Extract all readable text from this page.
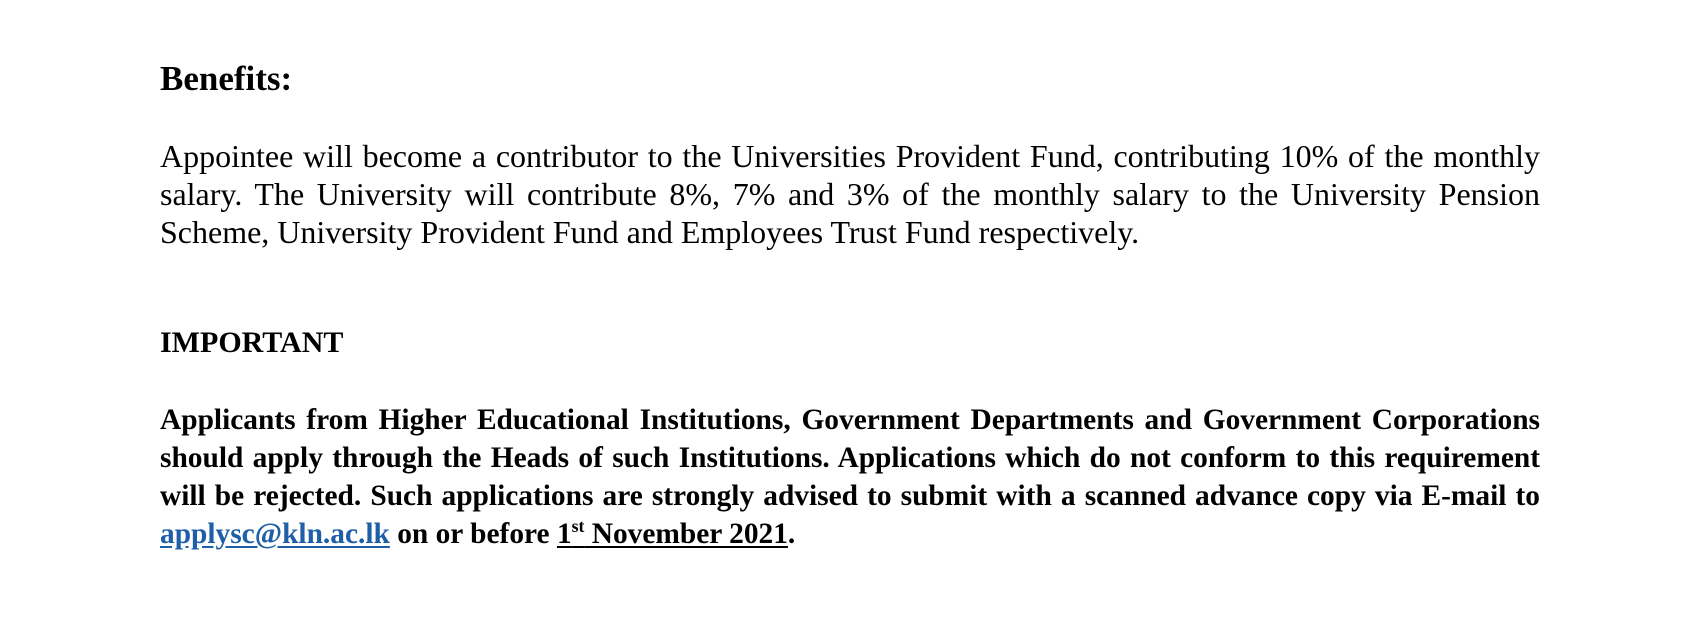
Benefits:

Appointee will become a contributor to the Universities Provident Fund, contributing 10% of the monthly salary. The University will contribute 8%, 7% and 3% of the monthly salary to the University Pension Scheme, University Provident Fund and Employees Trust Fund respectively.

IMPORTANT

Applicants from Higher Educational Institutions, Government Departments and Government Corporations should apply through the Heads of such Institutions. Applications which do not conform to this requirement will be rejected. Such applications are strongly advised to submit with a scanned advance copy via E-mail to applysc@kln.ac.lk on or before 1st November 2021.
